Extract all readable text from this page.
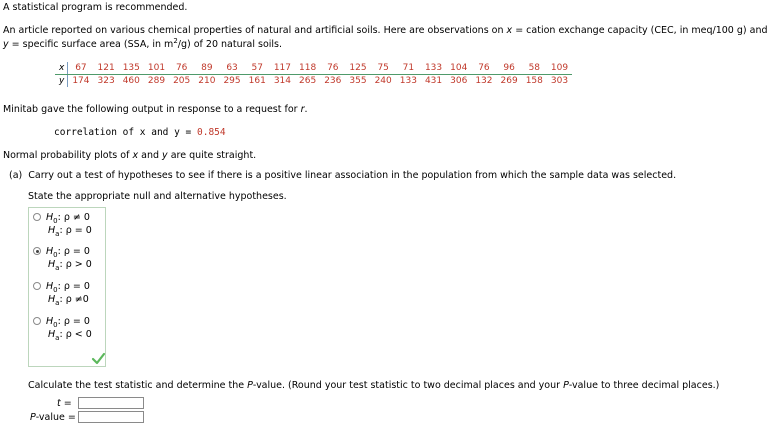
A statistical program is recommended.
An article reported on various chemical properties of natural and artificial soils. Here are observations on x = cation exchange capacity (CEC, in meq/100 g) and
y = specific surface area (SSA, in $m^2/g$) of 20 natural soils.
x	67	121	135	101	76	89	63	57	117	118	76	125	75	71	133	104	76	96	58	109
y	174	323	460	289	205	210	295	161	314	265	236	355	240	133	431	306	132	269	158	303
Minitab gave the following output in response to a request for r.
correlation of x and y = 0.854
Normal probability plots of x and y are quite straight.
(a) Carry out a test of hypotheses to see if there is a positive linear association in the population from which the sample data was selected.
State the appropriate null and alternative hypotheses.
$H_0$: ρ ≠ 0
$H_a$: ρ = 0
$H_0$: ρ = 0
$H_a$: ρ > 0
$H_0$: ρ = 0
$H_a$: ρ ≠0
$H_0$: ρ = 0
$H_a$: ρ < 0
Calculate the test statistic and determine the P-value. (Round your test statistic to two decimal places and your P-value to three decimal places.)
t =
P-value =
